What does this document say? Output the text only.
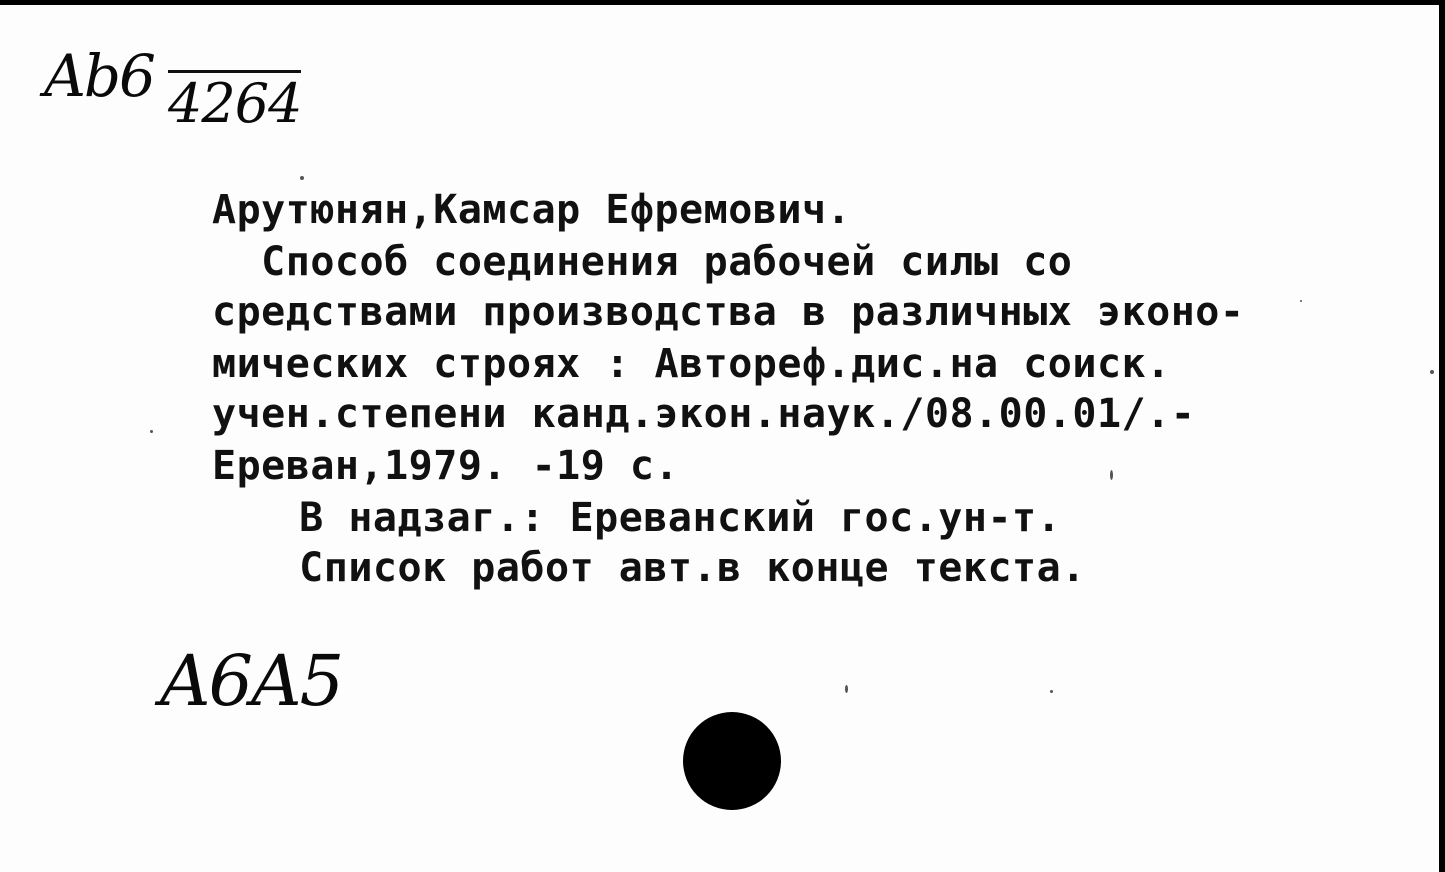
Ab6 4264
Арутюнян,Камсар Ефремович.
Способ соединения рабочей силы со
средствами производства в различных эконо-
мических строях : Автореф.дис.на соиск.
учен.степени канд.экон.наук./08.00.01/.-
Ереван,1979. -19 с.
В надзаг.: Ереванский гос.ун-т.
Список работ авт.в конце текста.
A6A5
